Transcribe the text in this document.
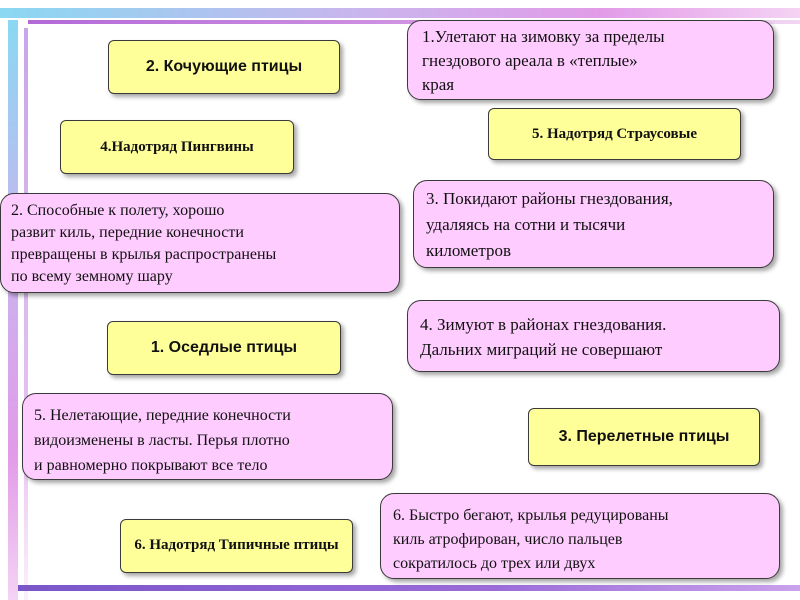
2. Кочующие птицы
4.Надотряд Пингвины
1. Оседлые птицы
6. Надотряд Типичные птицы
5. Надотряд Страусовые
3. Перелетные птицы
1.Улетают на зимовку за пределы
гнездового ареала в «теплые»
края
2. Способные к полету, хорошо
развит киль, передние конечности
превращены в крылья распространены
по всему земному шару
3. Покидают районы гнездования,
удаляясь на сотни и тысячи
километров
4. Зимуют в районах гнездования.
Дальних миграций не совершают
5. Нелетающие, передние конечности
видоизменены в ласты. Перья плотно
и равномерно покрывают все тело
6. Быстро бегают, крылья редуцированы
киль атрофирован, число пальцев
сократилось до трех или двух
